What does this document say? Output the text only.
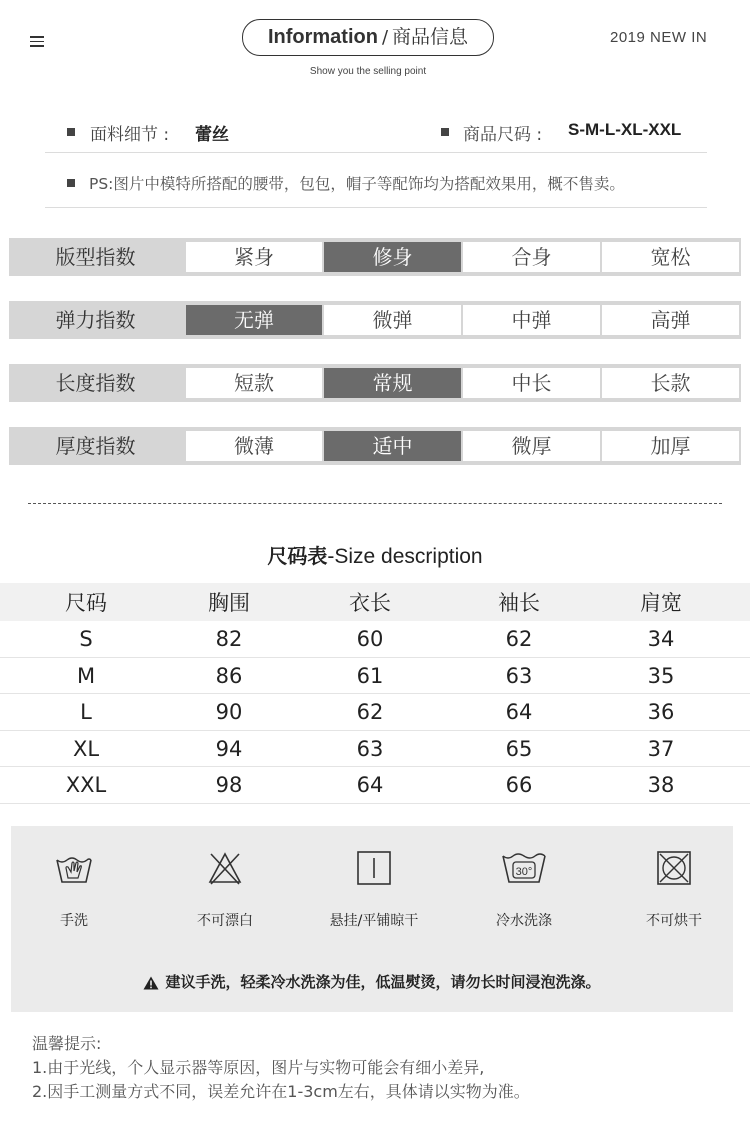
Information / 商品信息
Show you the selling point
2019 NEW IN
面料细节 : 蕾丝	商品尺码 : S-M-L-XL-XXL
PS:图片中模特所搭配的腰带，包包，帽子等配饰均为搭配效果用，概不售卖。
版型指数	紧身	修身	合身	宽松
弹力指数	无弹	微弹	中弹	高弹
长度指数	短款	常规	中长	长款
厚度指数	微薄	适中	微厚	加厚
尺码表-Size description
尺码	胸围	衣长	袖长	肩宽
S	82	60	62	34
M	86	61	63	35
L	90	62	64	36
XL	94	63	65	37
XXL	98	64	66	38
手洗	不可漂白	悬挂/平铺晾干
30°
冷水洗涤	不可烘干
建议手洗，轻柔冷水洗涤为佳，低温熨烫，请勿长时间浸泡洗涤。
温馨提示:
1.由于光线，个人显示器等原因，图片与实物可能会有细小差异,
2.因手工测量方式不同，误差允许在1-3cm左右，具体请以实物为准。
